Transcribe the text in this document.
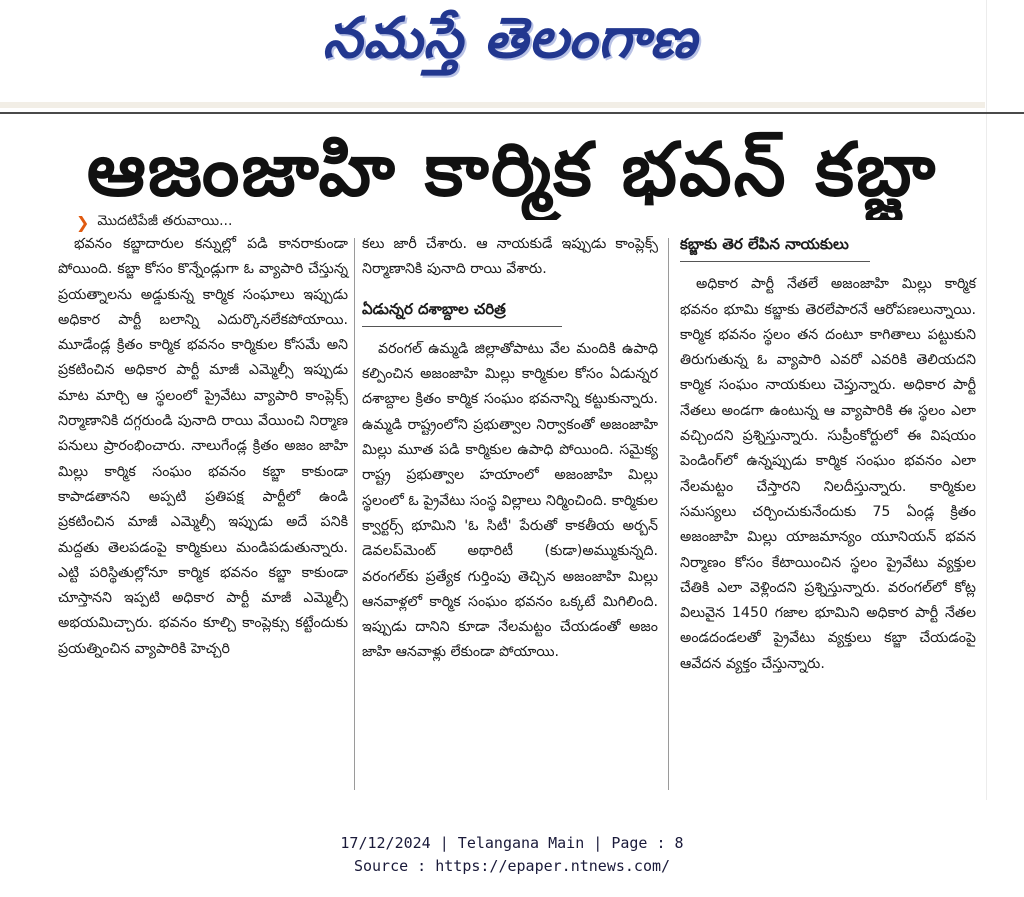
నమస్తే తెలంగాణ
ఆజంజాహి కార్మిక భవన్ కబ్జా
❯ మొదటిపేజీ తరువాయి...

భవనం కబ్జాదారుల కన్నుల్లో పడి కానరాకుండా పోయింది. కబ్జా కోసం కొన్నేండ్లుగా ఓ వ్యాపారి చేస్తున్న ప్రయత్నాలను అడ్డుకున్న కార్మిక సంఘాలు ఇప్పుడు అధికార పార్టీ బలాన్ని ఎదుర్కొనలేకపోయాయి. మూడేండ్ల క్రితం కార్మిక భవనం కార్మికుల కోసమే అని ప్రకటించిన అధికార పార్టీ మాజీ ఎమ్మెల్సీ ఇప్పుడు మాట మార్చి ఆ స్థలంలో ప్రైవేటు వ్యాపారి కాంప్లెక్స్ నిర్మాణానికి దగ్గరుండి పునాది రాయి వేయించి నిర్మాణ పనులు ప్రారంభించారు. నాలుగేండ్ల క్రితం అజం జాహి మిల్లు కార్మిక సంఘం భవనం కబ్జా కాకుండా కాపాడతానని అప్పటి ప్రతిపక్ష పార్టీలో ఉండి ప్రకటించిన మాజీ ఎమ్మెల్సీ ఇప్పుడు అదే పనికి మద్దతు తెలపడంపై కార్మికులు మండిపడుతున్నారు. ఎట్టి పరిస్థితుల్లోనూ కార్మిక భవనం కబ్జా కాకుండా చూస్తానని ఇప్పటి అధికార పార్టీ మాజీ ఎమ్మెల్సీ అభయమిచ్చారు. భవనం కూల్చి కాంప్లెక్సు కట్టేందుకు ప్రయత్నించిన వ్యాపారికి హెచ్చరి

కలు జారీ చేశారు. ఆ నాయకుడే ఇప్పుడు కాంప్లెక్స్ నిర్మాణానికి పునాది రాయి వేశారు.

ఏడున్నర దశాబ్దాల చరిత్ర

వరంగల్ ఉమ్మడి జిల్లాతోపాటు వేల మందికి ఉపాధి కల్పించిన అజంజాహి మిల్లు కార్మికుల కోసం ఏడున్నర దశాబ్దాల క్రితం కార్మిక సంఘం భవనాన్ని కట్టుకున్నారు. ఉమ్మడి రాష్ట్రంలోని ప్రభుత్వాల నిర్వాకంతో అజంజాహి మిల్లు మూత పడి కార్మికుల ఉపాధి పోయింది. సమైక్య రాష్ట్ర ప్రభుత్వాల హయాంలో అజంజాహి మిల్లు స్థలంలో ఓ ప్రైవేటు సంస్థ విల్లాలు నిర్మించింది. కార్మికుల క్వార్టర్స్ భూమిని 'ఓ సిటీ' పేరుతో కాకతీయ అర్బన్ డెవలప్‌మెంట్ అథారిటీ (కుడా)అమ్ముకున్నది. వరంగల్‌కు ప్రత్యేక గుర్తింపు తెచ్చిన అజంజాహి మిల్లు ఆనవాళ్లలో కార్మిక సంఘం భవనం ఒక్కటే మిగిలింది. ఇప్పుడు దానిని కూడా నేలమట్టం చేయడంతో అజం జాహి ఆనవాళ్లు లేకుండా పోయాయి.

కబ్జాకు తెర లేపిన నాయకులు

అధికార పార్టీ నేతలే అజంజాహి మిల్లు కార్మిక భవనం భూమి కబ్జాకు తెరలేపారనే ఆరోపణలున్నాయి. కార్మిక భవనం స్థలం తన దంటూ కాగితాలు పట్టుకుని తిరుగుతున్న ఓ వ్యాపారి ఎవరో ఎవరికి తెలియదని కార్మిక సంఘం నాయకులు చెప్తున్నారు. అధికార పార్టీ నేతలు అండగా ఉంటున్న ఆ వ్యాపారికి ఈ స్థలం ఎలా వచ్చిందని ప్రశ్నిస్తున్నారు. సుప్రీంకోర్టులో ఈ విషయం పెండింగ్‌లో ఉన్నప్పుడు కార్మిక సంఘం భవనం ఎలా నేలమట్టం చేస్తారని నిలదీస్తున్నారు. కార్మికుల సమస్యలు చర్చించుకునేందుకు 75 ఏండ్ల క్రితం అజంజాహి మిల్లు యాజమాన్యం యూనియన్ భవన నిర్మాణం కోసం కేటాయించిన స్థలం ప్రైవేటు వ్యక్తుల చేతికి ఎలా వెళ్లిందని ప్రశ్నిస్తున్నారు. వరంగల్‌లో కోట్ల విలువైన 1450 గజాల భూమిని అధికార పార్టీ నేతల అండదండలతో ప్రైవేటు వ్యక్తులు కబ్జా చేయడంపై ఆవేదన వ్యక్తం చేస్తున్నారు.

17/12/2024 | Telangana Main | Page : 8
Source : https://epaper.ntnews.com/
